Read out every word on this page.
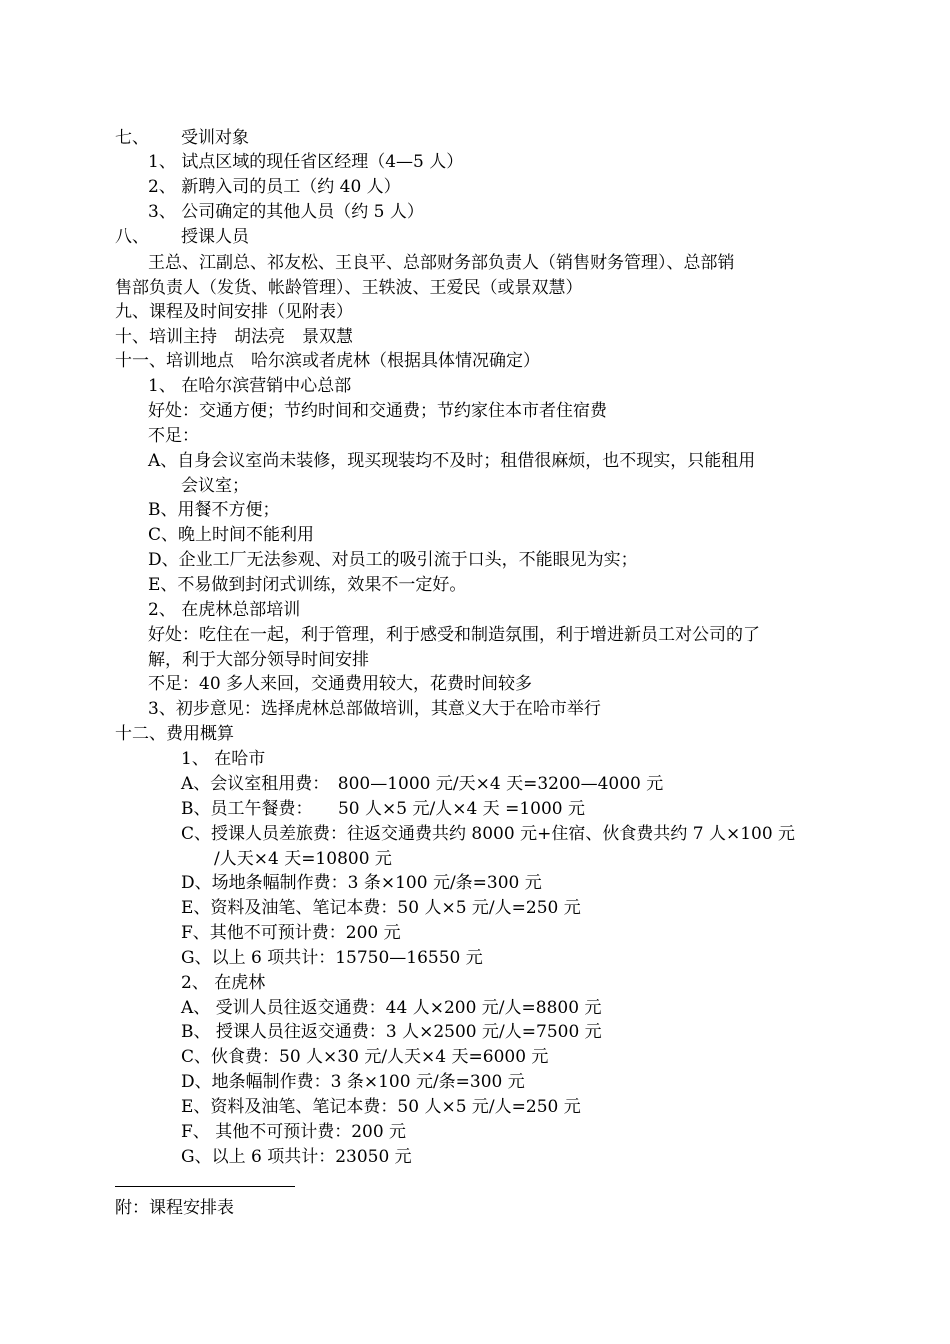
七、 受训对象
1、 试点区域的现任省区经理（4—5 人）
2、 新聘入司的员工（约 40 人）
3、 公司确定的其他人员（约 5 人）
八、 授课人员
王总、江副总、祁友松、王良平、总部财务部负责人（销售财务管理）、总部销
售部负责人（发货、帐龄管理）、王轶波、王爱民（或景双慧）
九、课程及时间安排（见附表）
十、培训主持　胡法亮　景双慧
十一、培训地点　哈尔滨或者虎林（根据具体情况确定）
1、 在哈尔滨营销中心总部
好处：交通方便；节约时间和交通费；节约家住本市者住宿费
不足：
A、自身会议室尚未装修，现买现装均不及时；租借很麻烦，也不现实，只能租用
会议室；
B、用餐不方便；
C、晚上时间不能利用
D、企业工厂无法参观、对员工的吸引流于口头，不能眼见为实；
E、不易做到封闭式训练，效果不一定好。
2、 在虎林总部培训
好处：吃住在一起，利于管理，利于感受和制造氛围，利于增进新员工对公司的了
解，利于大部分领导时间安排
不足：40 多人来回，交通费用较大，花费时间较多
3、初步意见：选择虎林总部做培训，其意义大于在哈市举行
十二、费用概算
1、 在哈市
A、会议室租用费：　800—1000 元/天×4 天=3200—4000 元
B、员工午餐费：　　50 人×5 元/人×4 天 =1000 元
C、授课人员差旅费：往返交通费共约 8000 元+住宿、伙食费共约 7 人×100 元
/人天×4 天=10800 元
D、场地条幅制作费：3 条×100 元/条=300 元
E、资料及油笔、笔记本费：50 人×5 元/人=250 元
F、其他不可预计费：200 元
G、以上 6 项共计：15750—16550 元
2、 在虎林
A、 受训人员往返交通费：44 人×200 元/人=8800 元
B、 授课人员往返交通费：3 人×2500 元/人=7500 元
C、伙食费：50 人×30 元/人天×4 天=6000 元
D、地条幅制作费：3 条×100 元/条=300 元
E、资料及油笔、笔记本费：50 人×5 元/人=250 元
F、 其他不可预计费：200 元
G、以上 6 项共计：23050 元
附：课程安排表
